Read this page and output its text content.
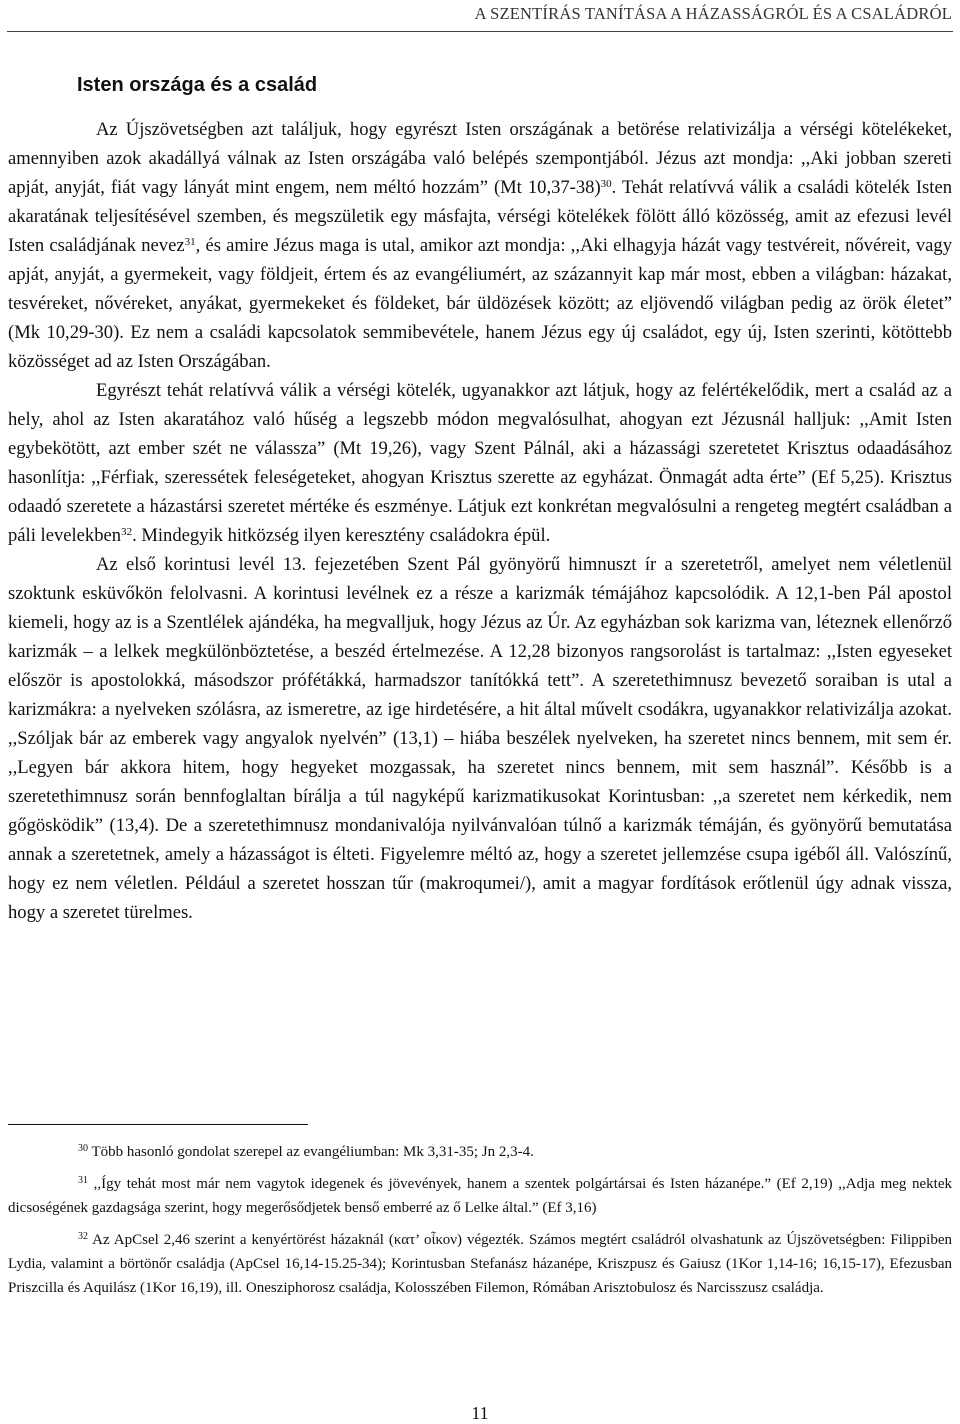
A SZENTÍRÁS TANÍTÁSA A HÁZASSÁGRÓL ÉS A CSALÁDRÓL
Isten országa és a család

Az Újszövetségben azt találjuk, hogy egyrészt Isten országának a betörése relativizálja a vérségi kötelékeket, amennyiben azok akadállyá válnak az Isten országába való belépés szempontjából. Jézus azt mondja: ,,Aki jobban szereti apját, anyját, fiát vagy lányát mint engem, nem méltó hozzám” (Mt 10,37-38)$^{30}$. Tehát relatívvá válik a családi kötelék Isten akaratának teljesítésével szemben, és megszületik egy másfajta, vérségi kötelékek fölött álló közösség, amit az efezusi levél Isten családjának nevez$^{31}$, és amire Jézus maga is utal, amikor azt mondja: ,,Aki elhagyja házát vagy testvéreit, nővéreit, vagy apját, anyját, a gyermekeit, vagy földjeit, értem és az evangéliumért, az százannyit kap már most, ebben a világban: házakat, tesvéreket, nővéreket, anyákat, gyermekeket és földeket, bár üldözések között; az eljövendő világban pedig az örök életet” (Mk 10,29-30). Ez nem a családi kapcsolatok semmibevétele, hanem Jézus egy új családot, egy új, Isten szerinti, kötöttebb közösséget ad az Isten Országában.

Egyrészt tehát relatívvá válik a vérségi kötelék, ugyanakkor azt látjuk, hogy az felértékelődik, mert a család az a hely, ahol az Isten akaratához való hűség a legszebb módon megvalósulhat, ahogyan ezt Jézusnál halljuk: ,,Amit Isten egybekötött, azt ember szét ne válassza” (Mt 19,26), vagy Szent Pálnál, aki a házassági szeretetet Krisztus odaadásához hasonlítja: ,,Férfiak, szeressétek feleségeteket, ahogyan Krisztus szerette az egyházat. Önmagát adta érte” (Ef 5,25). Krisztus odaadó szeretete a házastársi szeretet mértéke és eszménye. Látjuk ezt konkrétan megvalósulni a rengeteg megtért családban a páli levelekben$^{32}$. Mindegyik hitközség ilyen keresztény családokra épül.

Az első korintusi levél 13. fejezetében Szent Pál gyönyörű himnuszt ír a szeretetről, amelyet nem véletlenül szoktunk esküvőkön felolvasni. A korintusi levélnek ez a része a karizmák témájához kapcsolódik. A 12,1-ben Pál apostol kiemeli, hogy az is a Szentlélek ajándéka, ha megvalljuk, hogy Jézus az Úr. Az egyházban sok karizma van, léteznek ellenőrző karizmák – a lelkek megkülönböztetése, a beszéd értelmezése. A 12,28 bizonyos rangsorolást is tartalmaz: ,,Isten egyeseket először is apostolokká, másodszor prófétákká, harmadszor tanítókká tett”. A szeretethimnusz bevezető soraiban is utal a karizmákra: a nyelveken szólásra, az ismeretre, az ige hirdetésére, a hit által művelt csodákra, ugyanakkor relativizálja azokat. ,,Szóljak bár az emberek vagy angyalok nyelvén” (13,1) – hiába beszélek nyelveken, ha szeretet nincs bennem, mit sem ér. ,,Legyen bár akkora hitem, hogy hegyeket mozgassak, ha szeretet nincs bennem, mit sem használ”. Később is a szeretethimnusz során bennfoglaltan bírálja a túl nagyképű karizmatikusokat Korintusban: ,,a szeretet nem kérkedik, nem gőgösködik” (13,4). De a szeretethimnusz mondanivalója nyilvánvalóan túlnő a karizmák témáján, és gyönyörű bemutatása annak a szeretetnek, amely a házasságot is élteti. Figyelemre méltó az, hogy a szeretet jellemzése csupa igéből áll. Valószínű, hogy ez nem véletlen. Például a szeretet hosszan tűr (makroqumei/), amit a magyar fordítások erőtlenül úgy adnak vissza, hogy a szeretet türelmes.

$^{30}$ Több hasonló gondolat szerepel az evangéliumban: Mk 3,31-35; Jn 2,3-4.

$^{31}$ ,,Így tehát most már nem vagytok idegenek és jövevények, hanem a szentek polgártársai és Isten házanépe.” (Ef 2,19) ,,Adja meg nektek dicsoségének gazdagsága szerint, hogy megerősődjetek benső emberré az ő Lelke által.” (Ef 3,16)

$^{32}$ Az ApCsel 2,46 szerint a kenyértörést házaknál (κατ’ οἶκον) végezték. Számos megtért családról olvashatunk az Újszövetségben: Filippiben Lydia, valamint a börtönőr családja (ApCsel 16,14-15.25-34); Korintusban Stefanász házanépe, Kriszpusz és Gaiusz (1Kor 1,14-16; 16,15-17), Efezusban Priszcilla és Aquilász (1Kor 16,19), ill. Onesziphorosz családja, Kolosszében Filemon, Rómában Arisztobulosz és Narcisszusz családja.

11
